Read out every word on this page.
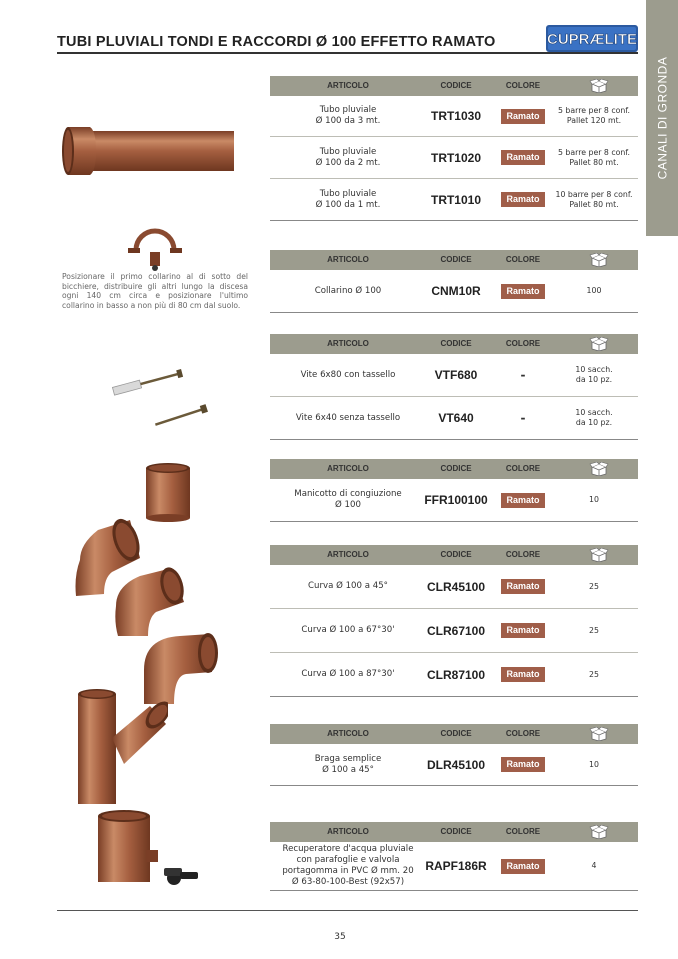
TUBI PLUVIALI TONDI E RACCORDI Ø 100 EFFETTO RAMATO	CUPRÆLITE
CANALI DI GRONDA
ARTICOLO	CODICE	COLORE
Tubo pluviale
Ø 100 da 3 mt.	TRT1030	Ramato	5 barre per 8 conf.
Pallet 120 mt.
Tubo pluviale
Ø 100 da 2 mt.	TRT1020	Ramato	5 barre per 8 conf.
Pallet 80 mt.
Tubo pluviale
Ø 100 da 1 mt.	TRT1010	Ramato	10 barre per 8 conf.
Pallet 80 mt.
ARTICOLO	CODICE	COLORE
Collarino Ø 100	CNM10R	Ramato	100
ARTICOLO	CODICE	COLORE
Vite 6x80 con tassello	VTF680	-	10 sacch.
da 10 pz.
Vite 6x40 senza tassello	VT640	-	10 sacch.
da 10 pz.
ARTICOLO	CODICE	COLORE
Manicotto di congiuzione
Ø 100	FFR100100	Ramato	10
ARTICOLO	CODICE	COLORE
Curva Ø 100 a 45°	CLR45100	Ramato	25
Curva Ø 100 a 67°30'	CLR67100	Ramato	25
Curva Ø 100 a 87°30'	CLR87100	Ramato	25
ARTICOLO	CODICE	COLORE
Braga semplice
Ø 100 a 45°	DLR45100	Ramato	10
ARTICOLO	CODICE	COLORE
Recuperatore d'acqua pluviale
con parafoglie e valvola
portagomma in PVC Ø mm. 20
Ø 63-80-100-Best (92x57)
RAPF186R	Ramato	4
Posizionare il primo collarino al di sotto del bicchiere, distribuire gli altri lungo la discesa ogni 140 cm circa e posizionare l'ultimo collarino in basso a non più di 80 cm dal suolo.
35
